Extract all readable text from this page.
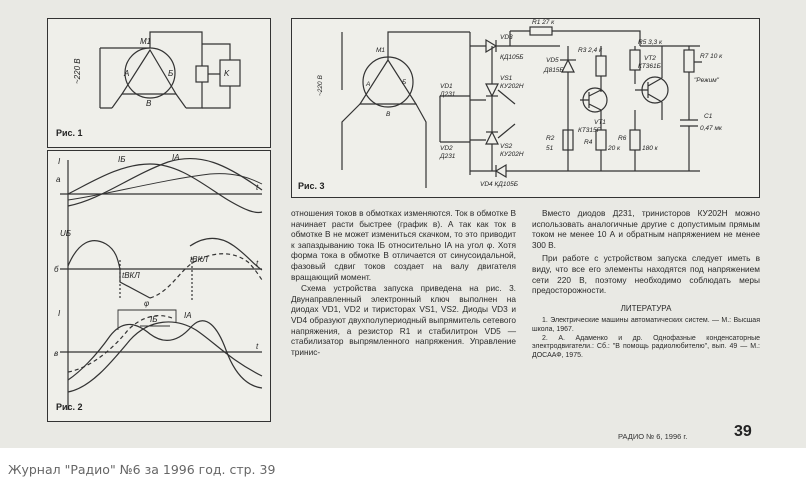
~220 В
M1
A	Б
В
K
I
а
IБ	IA
t
UБ
б
tВКЛ
tВКЛ	t
I
в
φ
IБ	IA
t
~220 В
M1
A	Б
В
VD1
Д231
VD2
Д231
VD3
КД105Б
VS1
КУ202Н
VS2
КУ202Н
VD4 КД105Б
R1 27 к
VD5
Д815Б
R2
51
R3 2,4 к
VT1
КТ315Г
R4
20 к
R5 3,3 к
VT2
КТ361Б
R6
180 к
R7 10 к
"Режим"
C1
0,47 мк
Рис. 1
Рис. 2
Рис. 3

отношения токов в обмотках изменяются. Ток в обмотке В начинает расти быстрее (график в). А так как ток в обмотке В не может измениться скачком, то это приводит к запаздыванию тока IБ относительно IA на угол φ. Хотя форма тока в обмотке В отличается от синусоидальной, фазовый сдвиг токов создает на валу двигателя вращающий момент.

Схема устройства запуска приведена на рис. 3. Двунаправленный электронный ключ выполнен на диодах VD1, VD2 и тиристорах VS1, VS2. Диоды VD3 и VD4 образуют двухполупериодный выпрямитель сетевого напряжения, а резистор R1 и стабилитрон VD5 — стабилизатор выпрямленного напряжения. Управление тринис-

Вместо диодов Д231, тринисторов КУ202Н можно использовать аналогичные другие с допустимым прямым током не менее 10 А и обратным напряжением не менее 300 В.

При работе с устройством запуска следует иметь в виду, что все его элементы находятся под напряжением сети 220 В, поэтому необходимо соблюдать меры предосторожности.

ЛИТЕРАТУРА
1. Электрические машины автоматических систем. — М.: Высшая школа, 1967.
2. А. Адаменко и др. Однофазные конденсаторные электродвигатели.: Сб.: "В помощь радиолюбителю", вып. 49 — М.: ДОСААФ, 1975.
РАДИО № 6, 1996 г.	39
Журнал "Радио" №6 за 1996 год. стр. 39
